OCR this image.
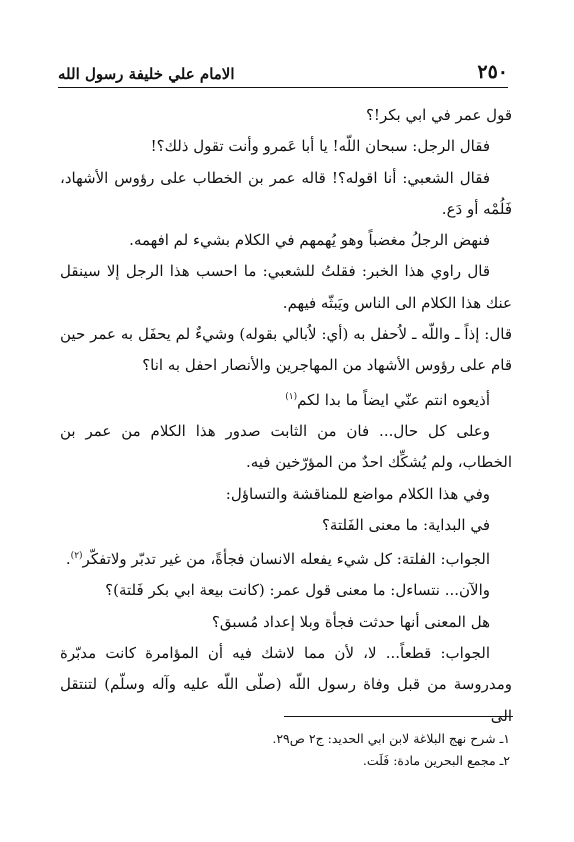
٢٥٠
الامام علي خليفة رسول الله

قول عمر في ابي بكر!؟

فقال الرجل: سبحان اللّه! يا أبا عَمرو وأنت تقول ذلك؟!

فقال الشعبي: أنا اقوله؟! قاله عمر بن الخطاب على رؤوس الأشهاد، فَلُمْه أو دَع.

فنهض الرجلُ مغضباً وهو يُهمهم في الكلام بشيء لم افهمه.

قال راوي هذا الخبر: فقلتُ للشعبي: ما احسب هذا الرجل إلا سينقل عنك هذا الكلام الى الناس ويَبثّه فيهم.

قال: إذاً ـ واللّه ـ لاُحفل به (أي: لاُبالي بقوله) وشيءٌ لم يحفَل به عمر حين قام على رؤوس الأشهاد من المهاجرين والأنصار احفل به انا؟

أذيعوه انتم عنّي ايضاً ما بدا لكم$^{(١)}$

وعلى كل حال... فان من الثابت صدور هذا الكلام من عمر بن الخطاب، ولم يُشكِّك احدٌ من المؤرّخين فيه.

وفي هذا الكلام مواضع للمناقشة والتساؤل:

في البداية: ما معنى الفَلتة؟

الجواب: الفلتة: كل شيء يفعله الانسان فجأةً، من غير تدبّر ولاتفكّر$^{(٢)}$.

والآن... نتساءل: ما معنى قول عمر: (كانت بيعة ابي بكر فَلتة)؟

هل المعنى أنها حدثت فجأة وبلا إعداد مُسبق؟

الجواب: قطعاً... لا، لأن مما لاشك فيه أن المؤامرة كانت مدبّرة ومدروسة من قبل وفاة رسول اللّه (صلّى اللّه عليه وآله وسلّم) لتنتقل الى

١ـ شرح نهج البلاغة لابن ابي الحديد: ج٢ ص٢٩.
٢ـ مجمع البحرين مادة: فَلَت.
